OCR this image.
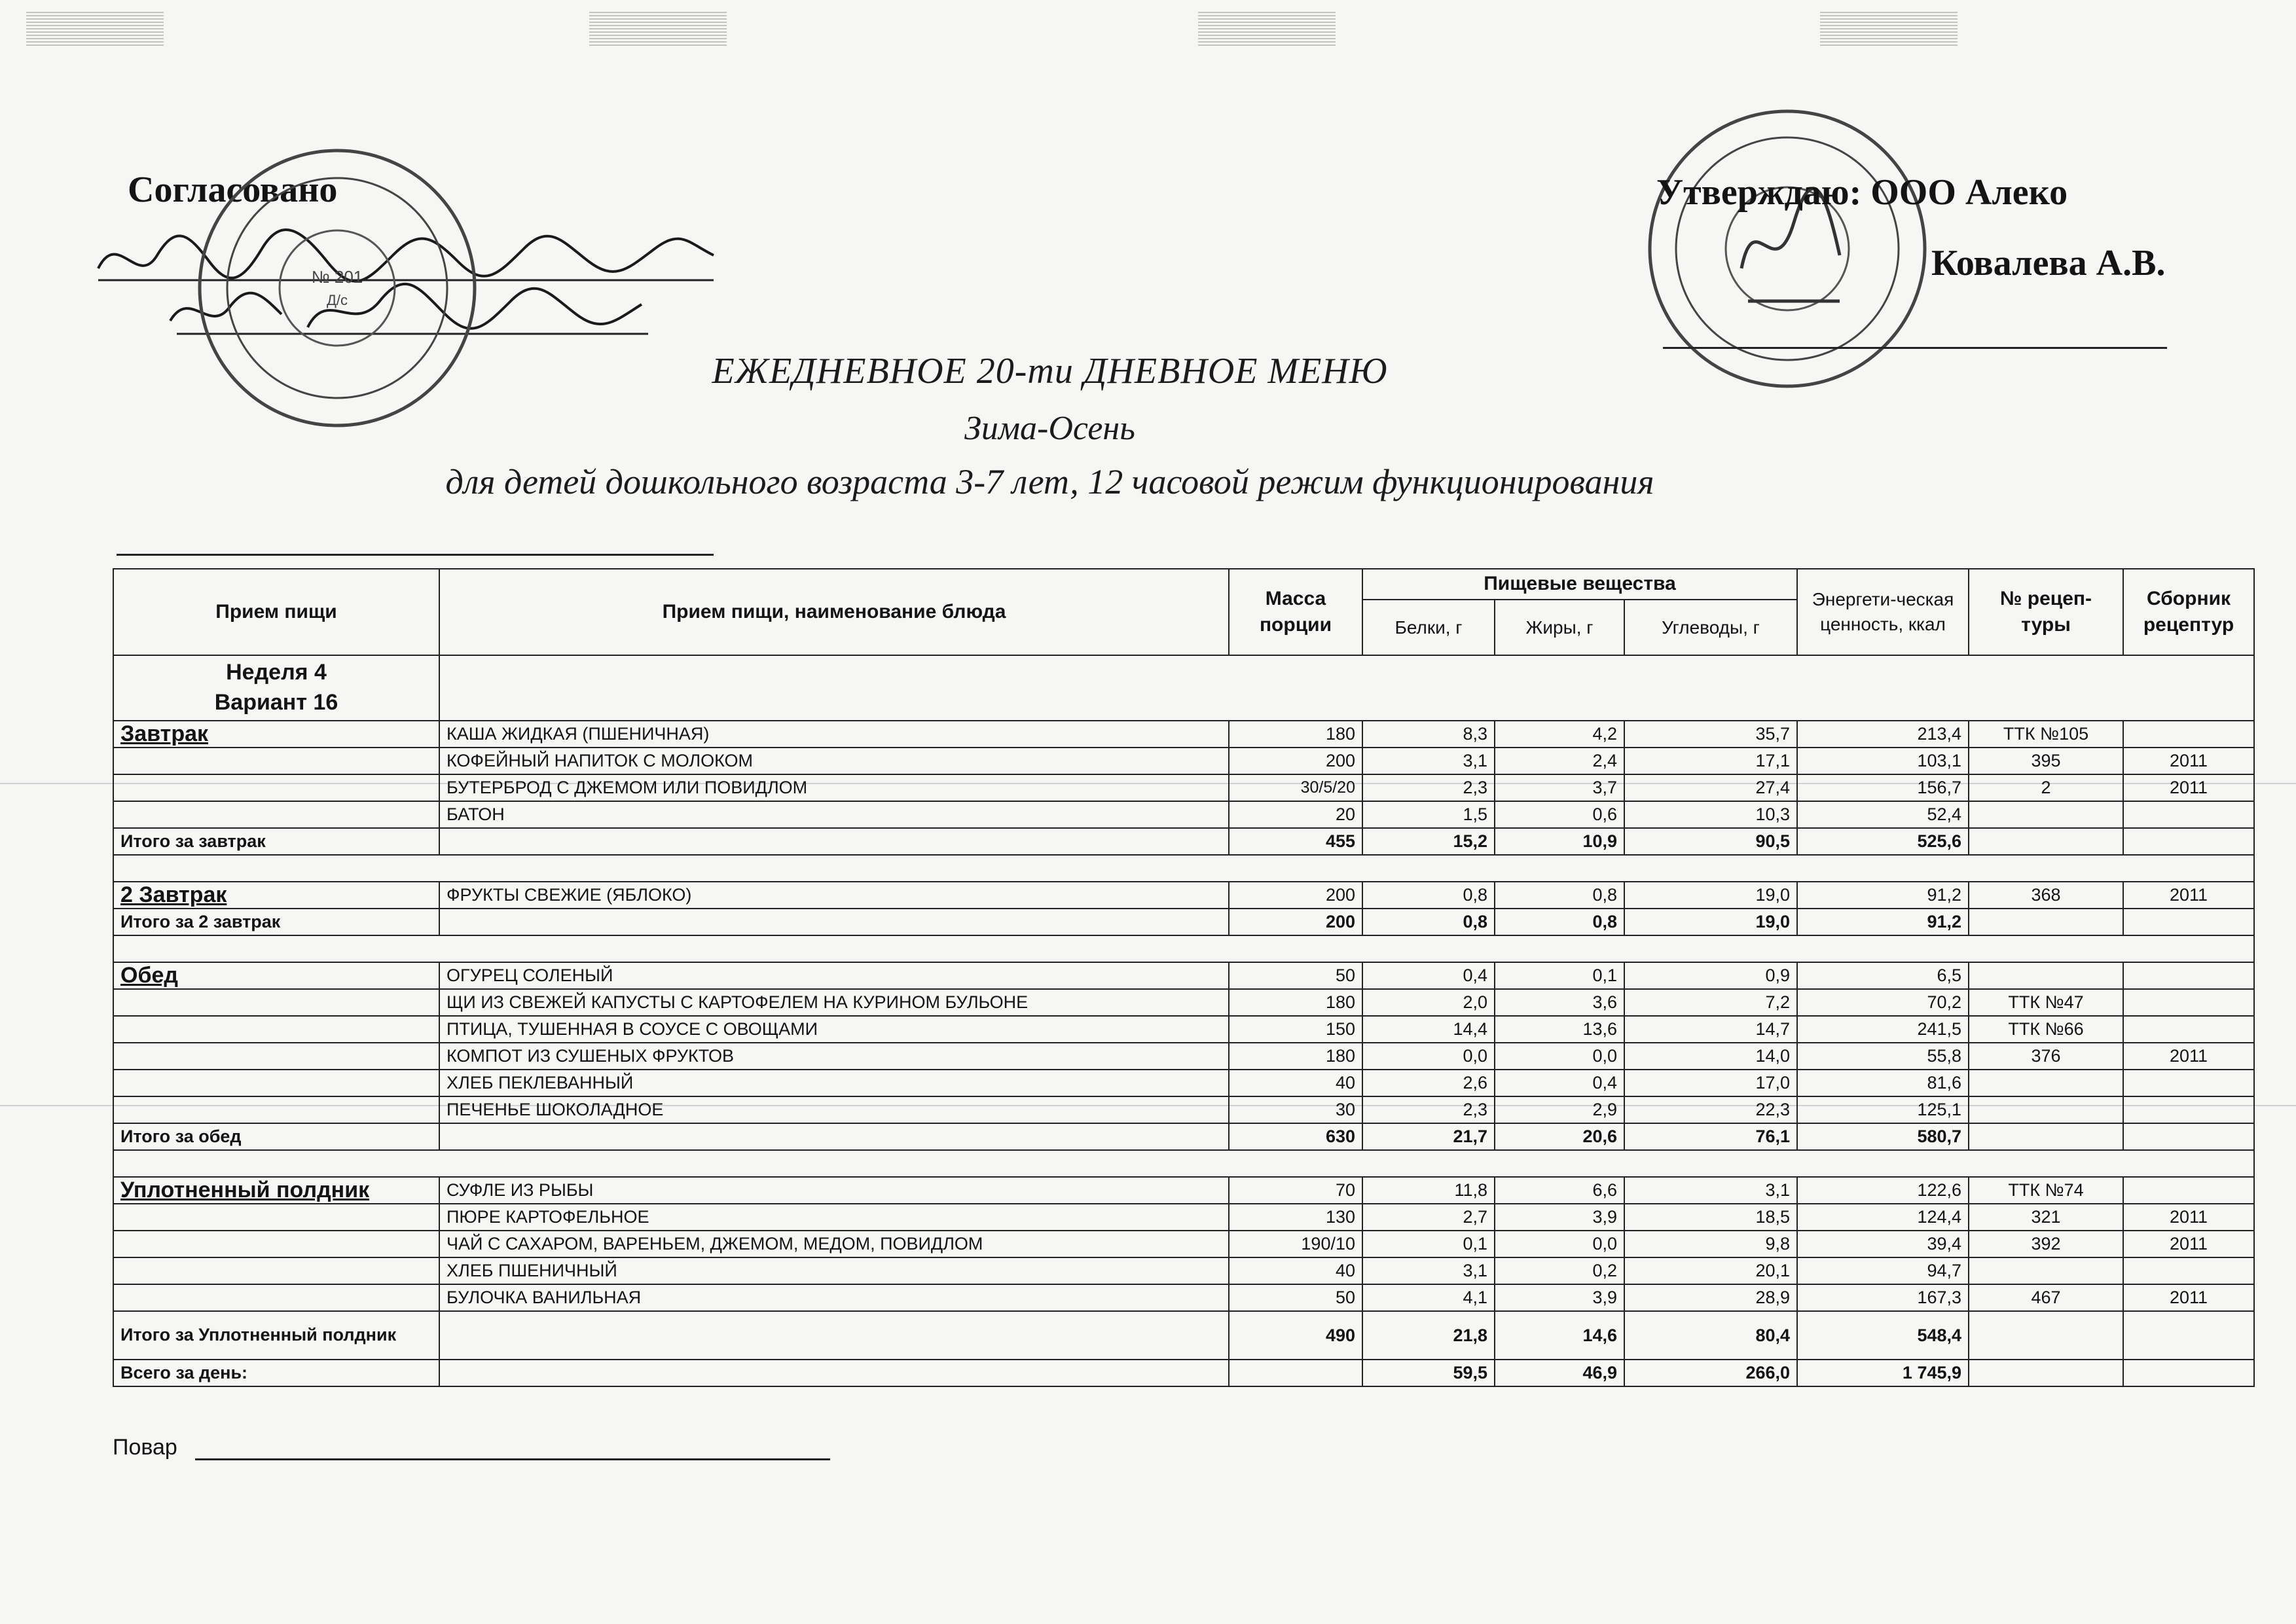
Согласовано
№ 201
Д/с
Утверждаю: ООО Алеко
Ковалева А.В.
ЕЖЕДНЕВНОЕ 20-ти ДНЕВНОЕ МЕНЮ
Зима-Осень
для детей дошкольного возраста 3-7 лет, 12 часовой режим функционирования
Прием пищи	Прием пищи, наименование блюда	Масса порции	Пищевые вещества			Энергети-ческая ценность, ккал	№ рецеп-туры	Сборник рецептур
			Белки, г	Жиры, г	Углеводы, г			

Неделя 4
Вариант 16								

Завтрак	КАША ЖИДКАЯ (ПШЕНИЧНАЯ)	180	8,3	4,2	35,7	213,4	ТТК №105	
	КОФЕЙНЫЙ НАПИТОК С МОЛОКОМ	200	3,1	2,4	17,1	103,1	395	2011
	БУТЕРБРОД С ДЖЕМОМ ИЛИ ПОВИДЛОМ	30/5/20	2,3	3,7	27,4	156,7	2	2011
	БАТОН	20	1,5	0,6	10,3	52,4		
Итого за завтрак		455	15,2	10,9	90,5	525,6		

2 Завтрак	ФРУКТЫ СВЕЖИЕ (ЯБЛОКО)	200	0,8	0,8	19,0	91,2	368	2011
Итого за 2 завтрак		200	0,8	0,8	19,0	91,2		

Обед	ОГУРЕЦ СОЛЕНЫЙ	50	0,4	0,1	0,9	6,5		
	ЩИ ИЗ СВЕЖЕЙ КАПУСТЫ С КАРТОФЕЛЕМ НА КУРИНОМ БУЛЬОНЕ	180	2,0	3,6	7,2	70,2	ТТК №47	
	ПТИЦА, ТУШЕННАЯ В СОУСЕ С ОВОЩАМИ	150	14,4	13,6	14,7	241,5	ТТК №66	
	КОМПОТ ИЗ СУШЕНЫХ ФРУКТОВ	180	0,0	0,0	14,0	55,8	376	2011
	ХЛЕБ ПЕКЛЕВАННЫЙ	40	2,6	0,4	17,0	81,6		
	ПЕЧЕНЬЕ ШОКОЛАДНОЕ	30	2,3	2,9	22,3	125,1		
Итого за обед		630	21,7	20,6	76,1	580,7		

Уплотненный полдник	СУФЛЕ ИЗ РЫБЫ	70	11,8	6,6	3,1	122,6	ТТК №74	
	ПЮРЕ КАРТОФЕЛЬНОЕ	130	2,7	3,9	18,5	124,4	321	2011
	ЧАЙ С САХАРОМ, ВАРЕНЬЕМ, ДЖЕМОМ, МЕДОМ, ПОВИДЛОМ	190/10	0,1	0,0	9,8	39,4	392	2011
	ХЛЕБ ПШЕНИЧНЫЙ	40	3,1	0,2	20,1	94,7		
	БУЛОЧКА ВАНИЛЬНАЯ	50	4,1	3,9	28,9	167,3	467	2011
Итого за Уплотненный полдник		490	21,8	14,6	80,4	548,4		
Всего за день:			59,5	46,9	266,0	1 745,9		
Повар
